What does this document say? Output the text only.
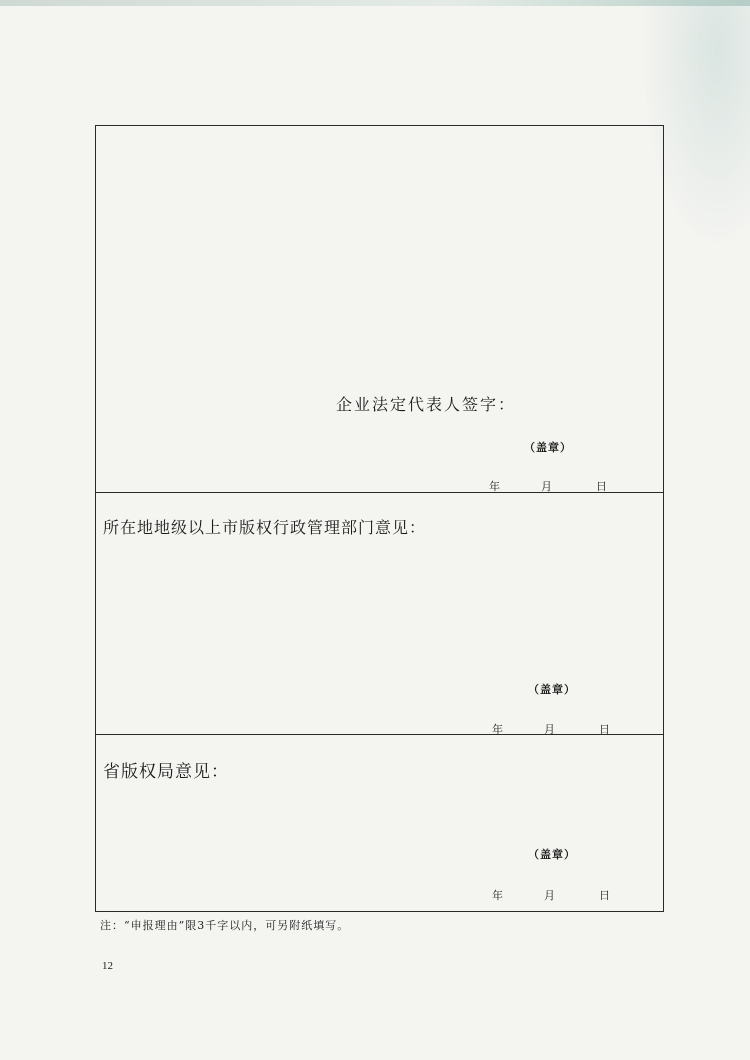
企业法定代表人签字：
（盖章）
所在地地级以上市版权行政管理部门意见：
（盖章）
省版权局意见：
（盖章）
年	月	日
年	月	日
年	月	日
注：“申报理由”限3千字以内，可另附纸填写。
12
